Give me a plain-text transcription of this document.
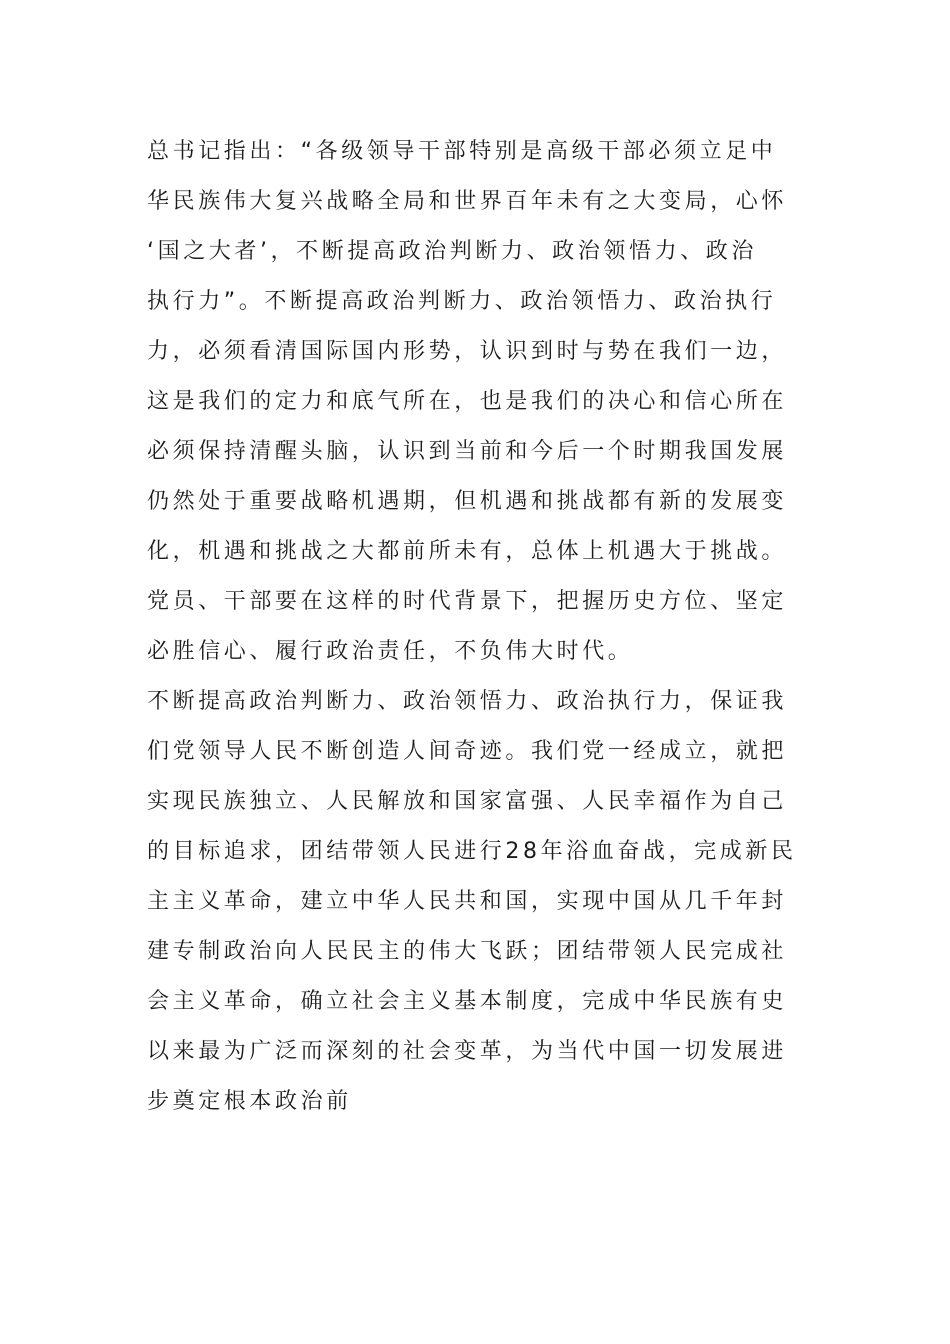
总书记指出：“各级领导干部特别是高级干部必须立足中
华民族伟大复兴战略全局和世界百年未有之大变局，心怀
‘国之大者’，不断提高政治判断力、政治领悟力、政治
执行力”。不断提高政治判断力、政治领悟力、政治执行
力，必须看清国际国内形势，认识到时与势在我们一边，
这是我们的定力和底气所在，也是我们的决心和信心所在
必须保持清醒头脑，认识到当前和今后一个时期我国发展
仍然处于重要战略机遇期，但机遇和挑战都有新的发展变
化，机遇和挑战之大都前所未有，总体上机遇大于挑战。
党员、干部要在这样的时代背景下，把握历史方位、坚定
必胜信心、履行政治责任，不负伟大时代。
不断提高政治判断力、政治领悟力、政治执行力，保证我
们党领导人民不断创造人间奇迹。我们党一经成立，就把
实现民族独立、人民解放和国家富强、人民幸福作为自己
的目标追求，团结带领人民进行28年浴血奋战，完成新民
主主义革命，建立中华人民共和国，实现中国从几千年封
建专制政治向人民民主的伟大飞跃；团结带领人民完成社
会主义革命，确立社会主义基本制度，完成中华民族有史
以来最为广泛而深刻的社会变革，为当代中国一切发展进
步奠定根本政治前
